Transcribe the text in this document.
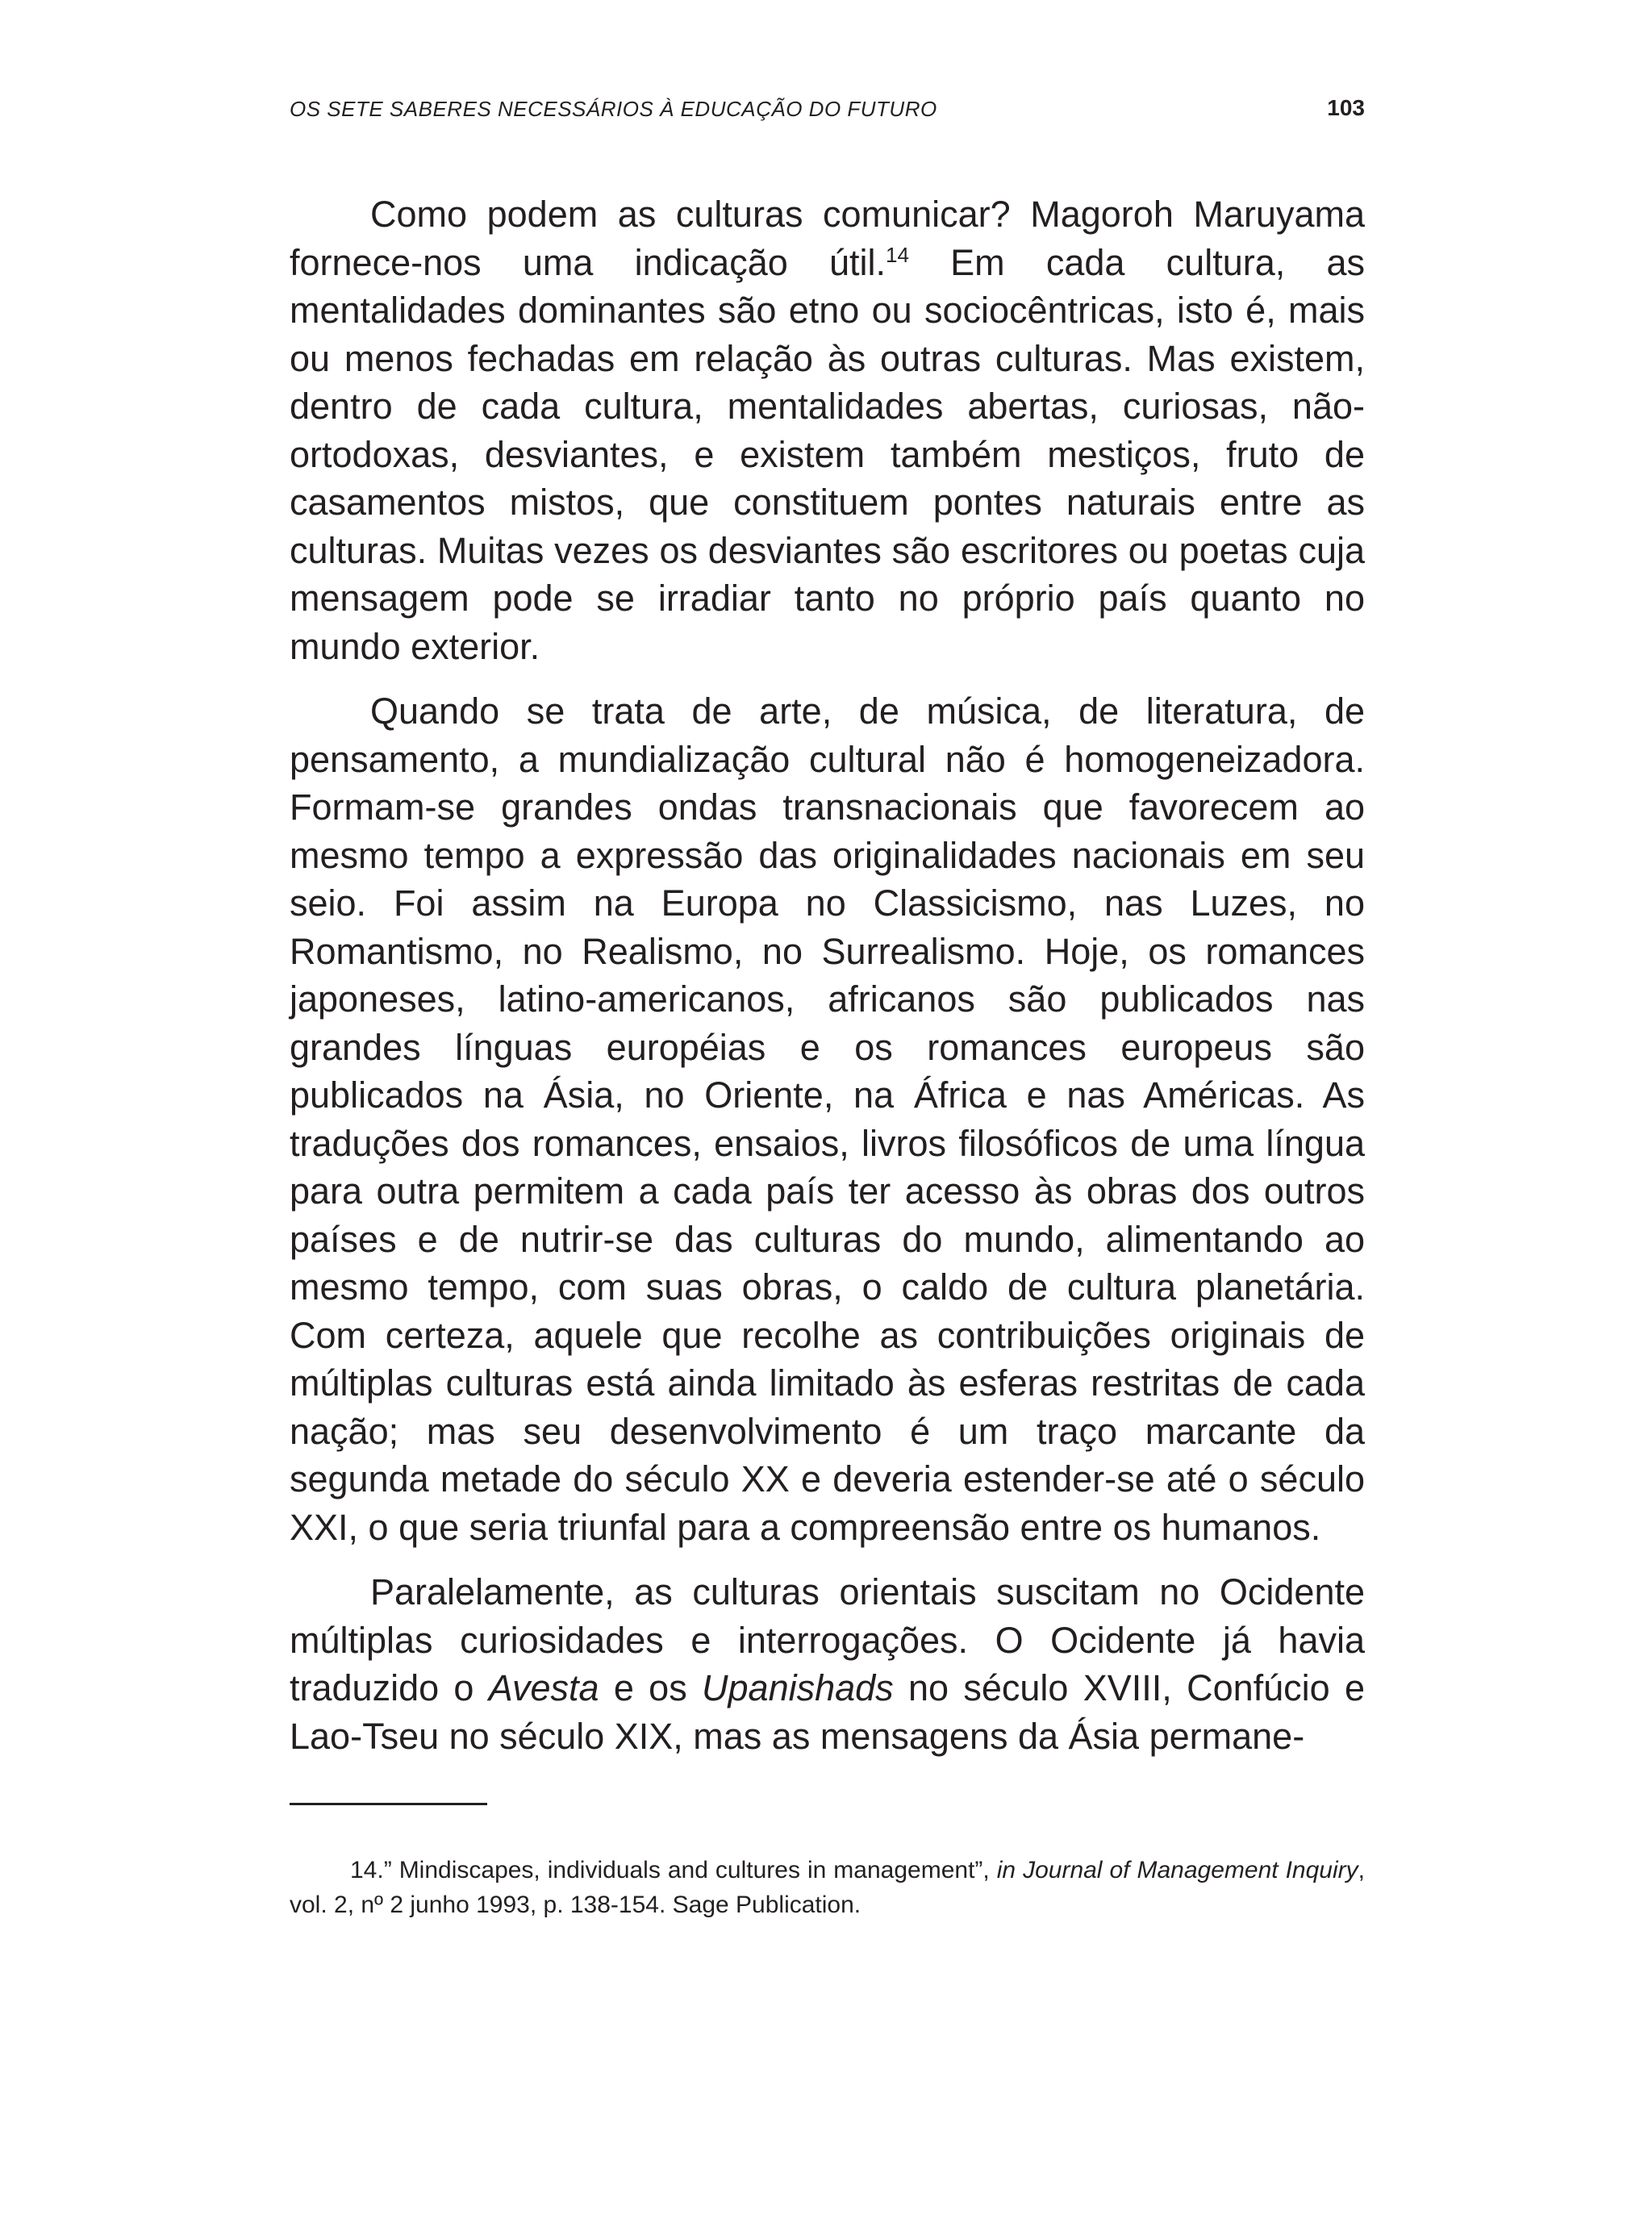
OS SETE SABERES NECESSÁRIOS À EDUCAÇÃO DO FUTURO	103

Como podem as culturas comunicar? Magoroh Maruyama fornece-nos uma indicação útil.$^{14}$ Em cada cultura, as mentalidades dominantes são etno ou sociocêntricas, isto é, mais ou menos fechadas em relação às outras culturas. Mas existem, dentro de cada cultura, mentalidades abertas, curiosas, não-ortodoxas, desviantes, e existem também mestiços, fruto de casamentos mistos, que constituem pontes naturais entre as culturas. Muitas vezes os desviantes são escritores ou poetas cuja mensagem pode se irradiar tanto no próprio país quanto no mundo exterior.

Quando se trata de arte, de música, de literatura, de pensamento, a mundialização cultural não é homogeneizadora. Formam-se grandes ondas transnacionais que favorecem ao mesmo tempo a expressão das originalidades nacionais em seu seio. Foi assim na Europa no Classicismo, nas Luzes, no Romantismo, no Realismo, no Surrealismo. Hoje, os romances japoneses, latino-americanos, africanos são publicados nas grandes línguas européias e os romances europeus são publicados na Ásia, no Oriente, na África e nas Américas. As traduções dos romances, ensaios, livros filosóficos de uma língua para outra permitem a cada país ter acesso às obras dos outros países e de nutrir-se das culturas do mundo, alimentando ao mesmo tempo, com suas obras, o caldo de cultura planetária. Com certeza, aquele que recolhe as contribuições originais de múltiplas culturas está ainda limitado às esferas restritas de cada nação; mas seu desenvolvimento é um traço marcante da segunda metade do século XX e deveria estender-se até o século XXI, o que seria triunfal para a compreensão entre os humanos.

Paralelamente, as culturas orientais suscitam no Ocidente múltiplas curiosidades e interrogações. O Ocidente já havia traduzido o Avesta e os Upanishads no século XVIII, Confúcio e Lao-Tseu no século XIX, mas as mensagens da Ásia permane-

14.” Mindiscapes, individuals and cultures in management”, in Journal of Management Inquiry, vol. 2, nº 2 junho 1993, p. 138-154. Sage Publication.
